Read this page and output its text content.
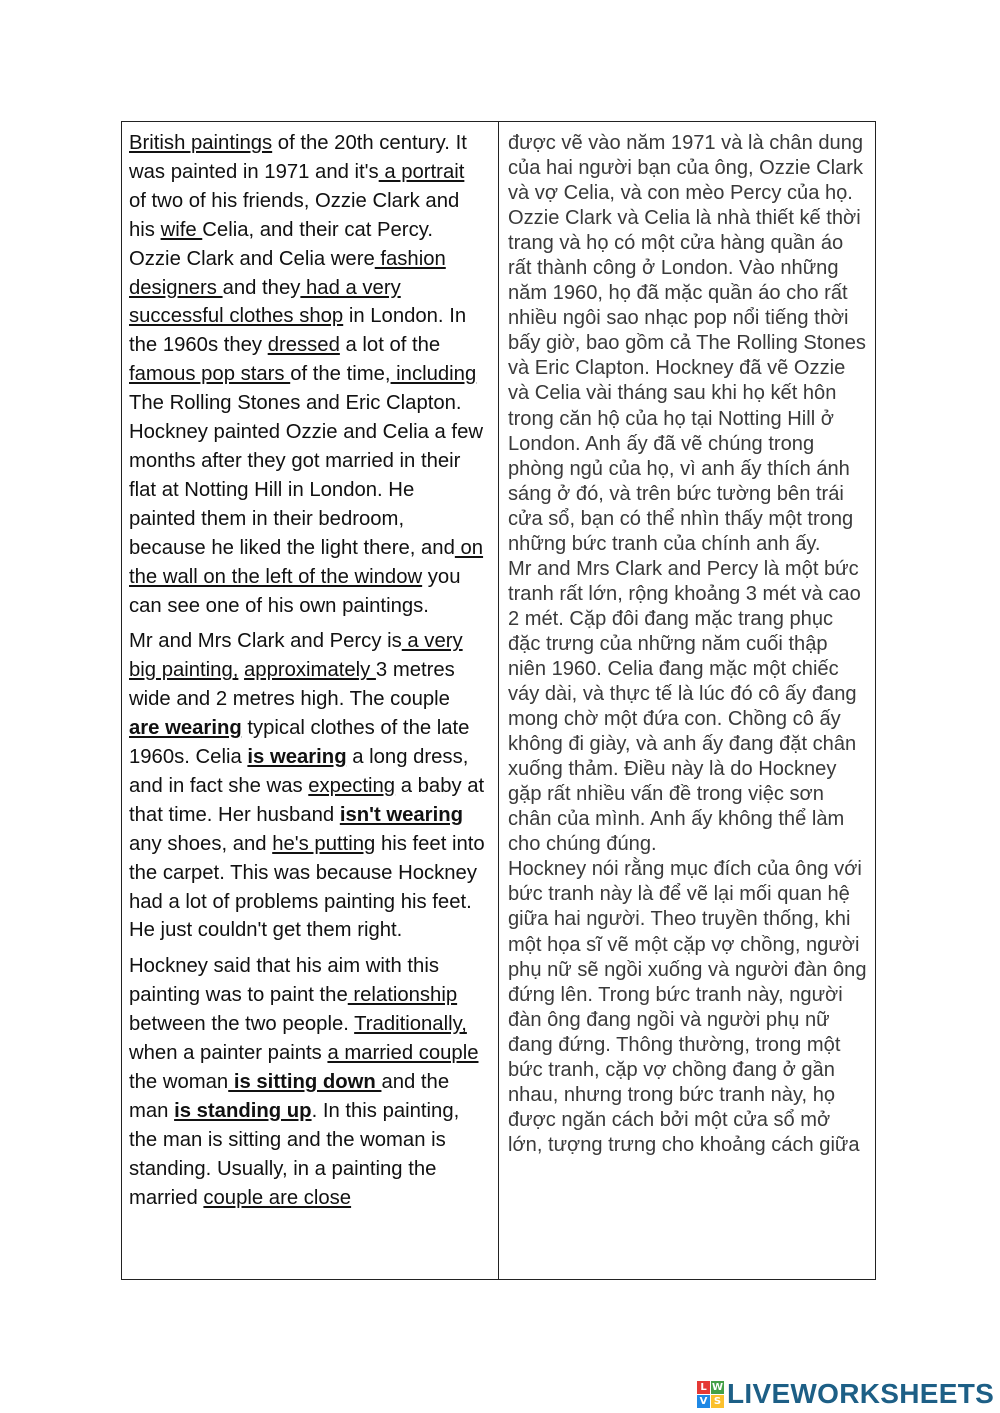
British paintings of the 20th century. It was painted in 1971 and it's a portrait of two of his friends, Ozzie Clark and his wife Celia, and their cat Percy. Ozzie Clark and Celia were fashion designers and they had a very successful clothes shop in London. In the 1960s they dressed a lot of the famous pop stars of the time, including The Rolling Stones and Eric Clapton. Hockney painted Ozzie and Celia a few months after they got married in their flat at Notting Hill in London. He painted them in their bedroom, because he liked the light there, and on the wall on the left of the window you can see one of his own paintings.

Mr and Mrs Clark and Percy is a very big painting, approximately 3 metres wide and 2 metres high. The couple are wearing typical clothes of the late 1960s. Celia is wearing a long dress, and in fact she was expecting a baby at that time. Her husband isn't wearing any shoes, and he's putting his feet into the carpet. This was because Hockney had a lot of problems painting his feet. He just couldn't get them right.

Hockney said that his aim with this painting was to paint the relationship between the two people. Traditionally, when a painter paints a married couple the woman is sitting down and the man is standing up. In this painting, the man is sitting and the woman is standing. Usually, in a painting the married couple are close

được vẽ vào năm 1971 và là chân dung của hai người bạn của ông, Ozzie Clark và vợ Celia, và con mèo Percy của họ. Ozzie Clark và Celia là nhà thiết kế thời trang và họ có một cửa hàng quần áo rất thành công ở London. Vào những năm 1960, họ đã mặc quần áo cho rất nhiều ngôi sao nhạc pop nổi tiếng thời bấy giờ, bao gồm cả The Rolling Stones và Eric Clapton. Hockney đã vẽ Ozzie và Celia vài tháng sau khi họ kết hôn trong căn hộ của họ tại Notting Hill ở London. Anh ấy đã vẽ chúng trong phòng ngủ của họ, vì anh ấy thích ánh sáng ở đó, và trên bức tường bên trái cửa sổ, bạn có thể nhìn thấy một trong những bức tranh của chính anh ấy.

Mr and Mrs Clark and Percy là một bức tranh rất lớn, rộng khoảng 3 mét và cao 2 mét. Cặp đôi đang mặc trang phục đặc trưng của những năm cuối thập niên 1960. Celia đang mặc một chiếc váy dài, và thực tế là lúc đó cô ấy đang mong chờ một đứa con. Chồng cô ấy không đi giày, và anh ấy đang đặt chân xuống thảm. Điều này là do Hockney gặp rất nhiều vấn đề trong việc sơn chân của mình. Anh ấy không thể làm cho chúng đúng.

Hockney nói rằng mục đích của ông với bức tranh này là để vẽ lại mối quan hệ giữa hai người. Theo truyền thống, khi một họa sĩ vẽ một cặp vợ chồng, người phụ nữ sẽ ngồi xuống và người đàn ông đứng lên. Trong bức tranh này, người đàn ông đang ngồi và người phụ nữ đang đứng. Thông thường, trong một bức tranh, cặp vợ chồng đang ở gần nhau, nhưng trong bức tranh này, họ được ngăn cách bởi một cửa sổ mở lớn, tượng trưng cho khoảng cách giữa

L W
V S LIVEWORKSHEETS
